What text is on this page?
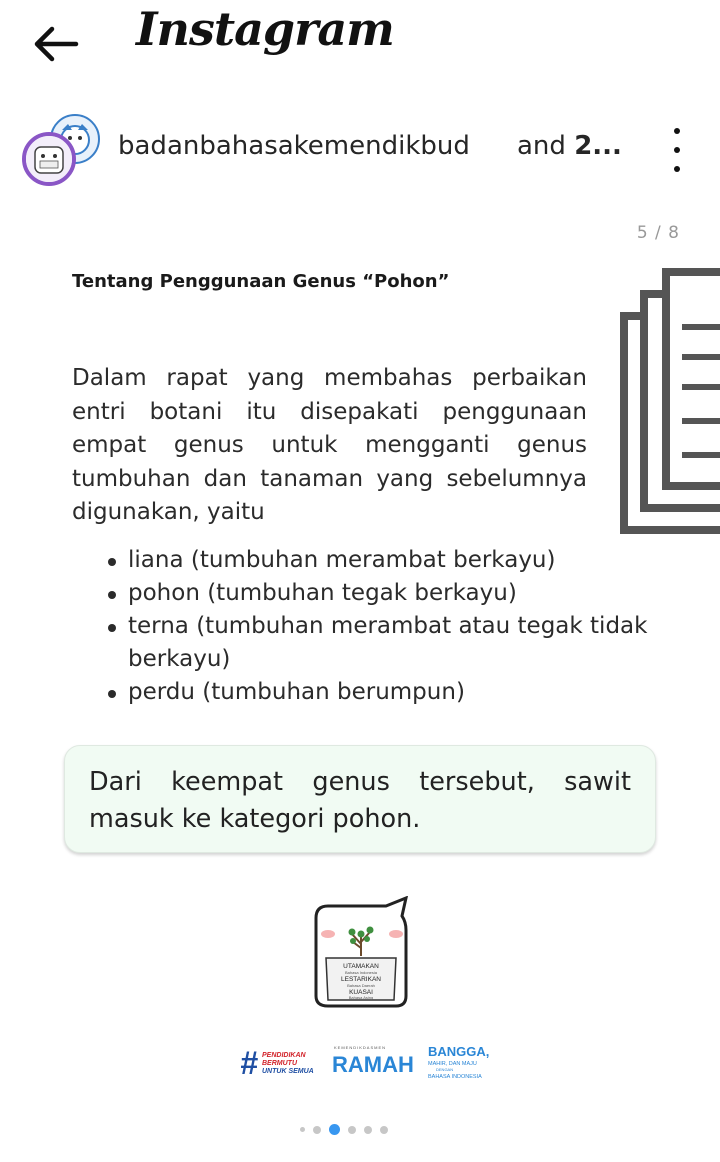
Instagram
badanbahasakemendikbud and 2...
5 / 8
Tentang Penggunaan Genus “Pohon”
Dalam rapat yang membahas perbaikan entri botani itu disepakati penggunaan empat genus untuk mengganti genus tumbuhan dan tanaman yang sebelumnya digunakan, yaitu
liana (tumbuhan merambat berkayu)
pohon (tumbuhan tegak berkayu)
terna (tumbuhan merambat atau tegak tidak berkayu)
perdu (tumbuhan berumpun)
Dari keempat genus tersebut, sawit masuk ke kategori pohon.
UTAMAKAN
Bahasa Indonesia
LESTARIKAN
Bahasa Daerah
KUASAI
Bahasa Asing
# PENDIDIKAN
BERMUTU
UNTUK SEMUA
KEMENDIKDASMEN
RAMAH
BANGGA,
MAHIR, DAN MAJU
DENGAN
BAHASA INDONESIA
